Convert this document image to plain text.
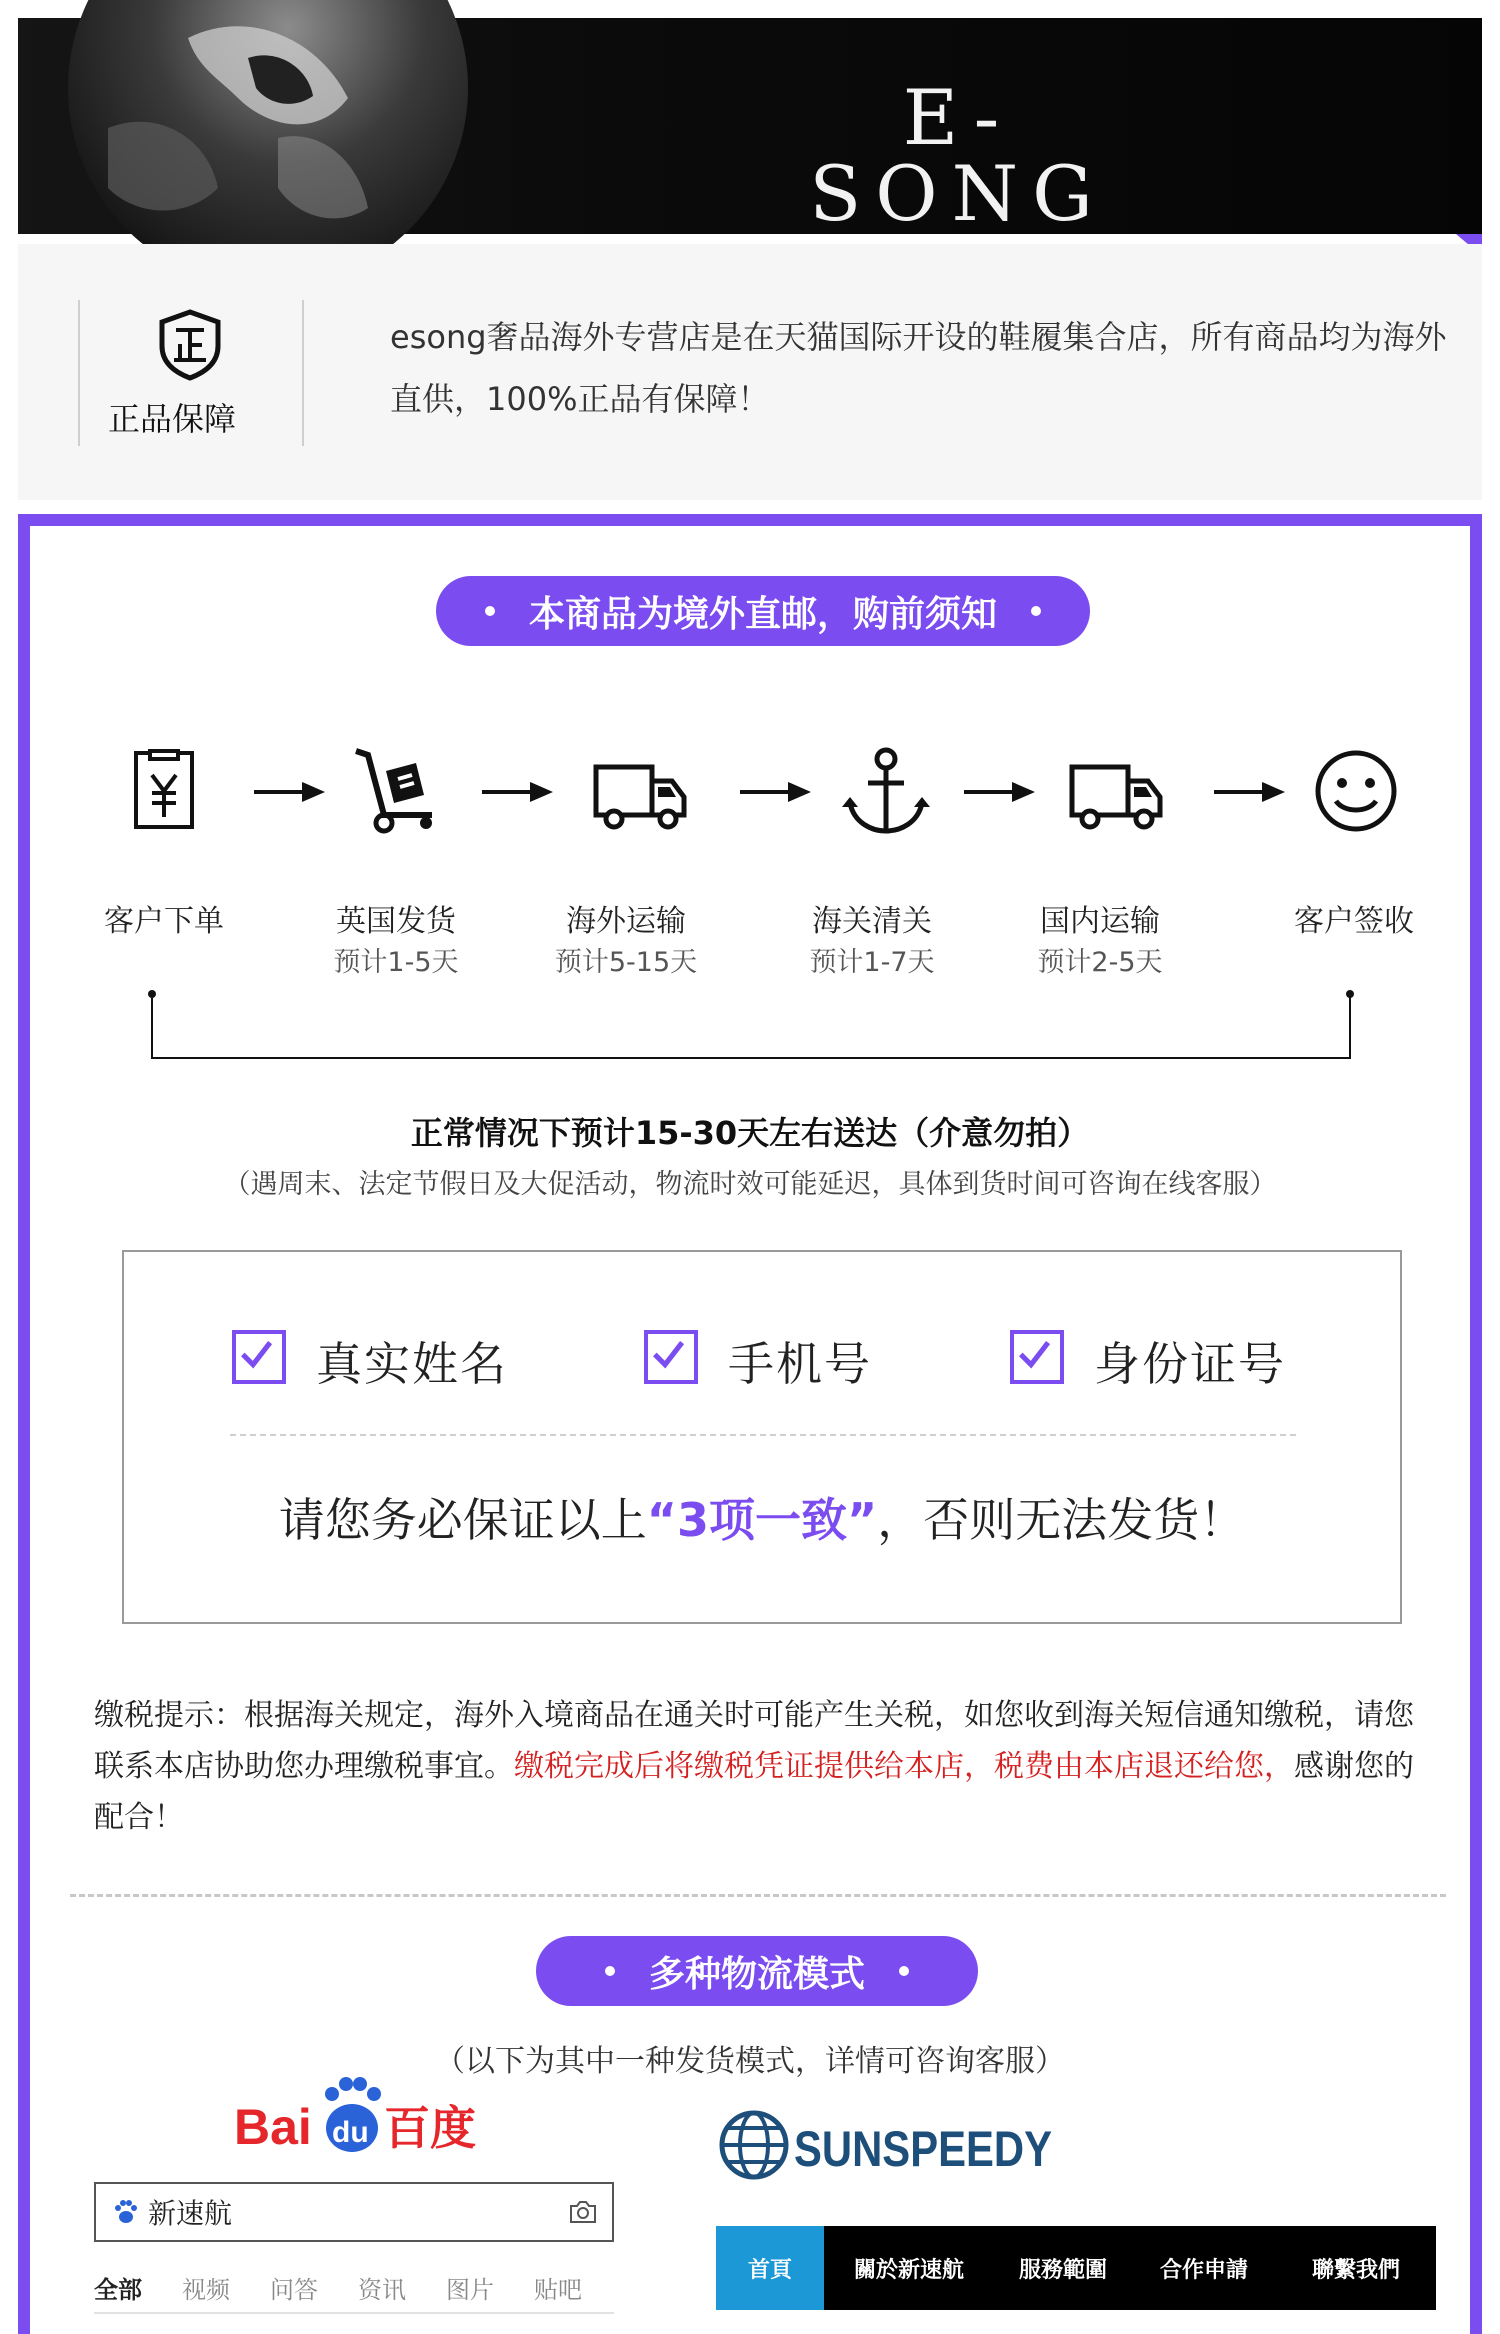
E-SONG
正品保障
esong奢品海外专营店是在天猫国际开设的鞋履集合店，所有商品均为海外直供，100%正品有保障！
本商品为境外直邮，购前须知
客户下单	英国发货
预计1-5天
海外运输
预计5-15天
海关清关
预计1-7天
国内运输
预计2-5天
客户签收
正常情况下预计15-30天左右送达（介意勿拍）
（遇周末、法定节假日及大促活动，物流时效可能延迟，具体到货时间可咨询在线客服）
真实姓名	手机号	身份证号
请您务必保证以上“3项一致”，否则无法发货！
缴税提示：根据海关规定，海外入境商品在通关时可能产生关税，如您收到海关短信通知缴税，请您联系本店协助您办理缴税事宜。缴税完成后将缴税凭证提供给本店，税费由本店退还给您，感谢您的配合！
多种物流模式
（以下为其中一种发货模式，详情可咨询客服）
Bai du 百度
新速航
全部	视频	问答	资讯	图片	贴吧
SUNSPEEDY
首頁	關於新速航	服務範圍	合作申請	聯繫我們
